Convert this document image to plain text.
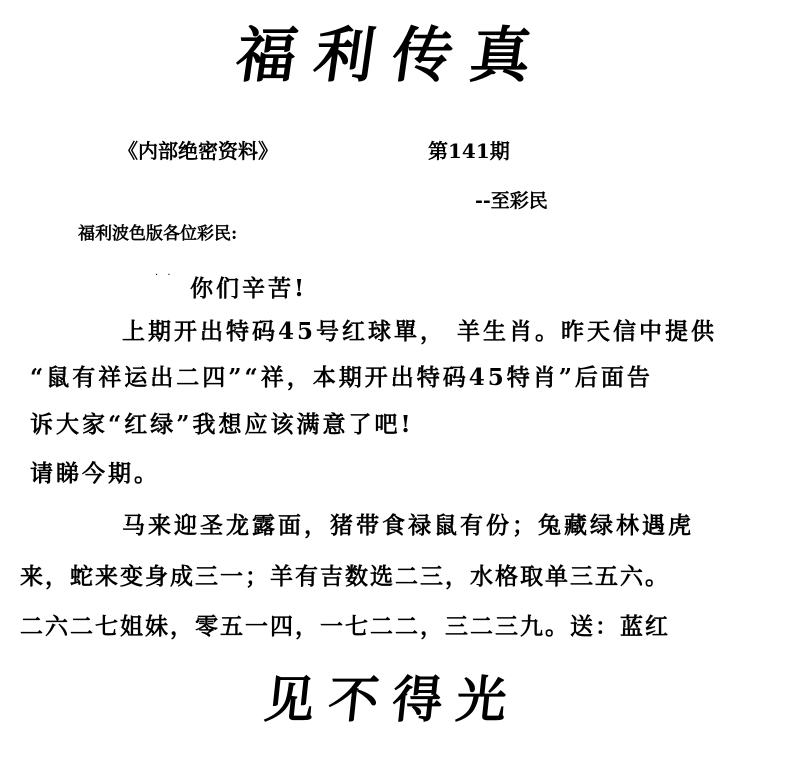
福利传真
《内部绝密资料》	第141期
--至彩民
福利波色版各位彩民:
· · 你们辛苦!
上期开出特码45号红球單， 羊生肖。昨天信中提供
“鼠有祥运出二四”“祥，本期开出特码45特肖”后面告
诉大家“红绿”我想应该满意了吧!
请睇今期。
马来迎圣龙露面，猪带食禄鼠有份；兔藏绿林遇虎
来，蛇来变身成三一；羊有吉数选二三，水格取单三五六。
二六二七姐妹，零五一四，一七二二，三二三九。送：蓝红
见不得光
